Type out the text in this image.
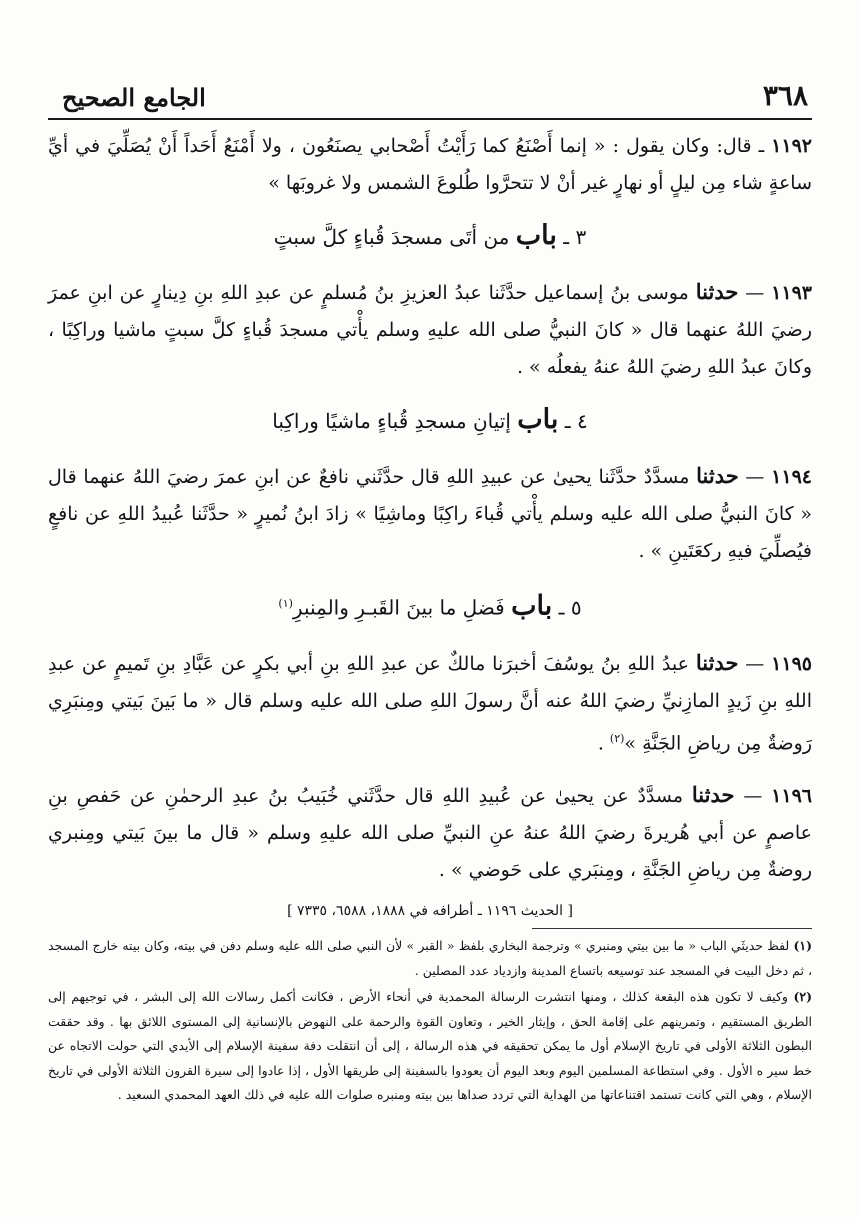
٣٦٨
الجامع الصحيح

١١٩٢ ـ قال: وكان يقول : « إنما أَصْنَعُ كما رَأَيْتُ أَصْحابي يصنَعُون ، ولا أَمْنَعُ أَحَداً أَنْ يُصَلِّيَ في أيِّ ساعةٍ شاء مِن ليلٍ أو نهارٍ غير أنْ لا تتحرَّوا طُلوعَ الشمس ولا غروبَها »

٣ ـ باب من أتَى مسجدَ قُباءٍ كلَّ سبتٍ

١١٩٣ — حدثنا موسى بنُ إسماعيل حدَّثَنا عبدُ العزيزِ بنُ مُسلمٍ عن عبدِ اللهِ بنِ دِينارٍ عن ابنِ عمرَ رضيَ اللهُ عنهما قال « كانَ النبيُّ صلى الله عليهِ وسلم يأْتي مسجدَ قُباءٍ كلَّ سبتٍ ماشيا وراكِبًا ، وكانَ عبدُ اللهِ رضيَ اللهُ عنهُ يفعلُه » .

٤ ـ باب إتيانِ مسجدِ قُباءٍ ماشيًا وراكِبا

١١٩٤ — حدثنا مسدَّدٌ حدَّثَنا يحيىٰ عن عبيدِ اللهِ قال حدَّثَني نافعٌ عن ابنِ عمرَ رضيَ اللهُ عنهما قال « كانَ النبيُّ صلى الله عليه وسلم يأْتي قُباءَ راكِبًا وماشِيًا » زادَ ابنُ نُميرٍ « حدَّثَنا عُبيدُ اللهِ عن نافعٍ فيُصلِّيَ فيهِ ركعَتَينِ » .

٥ ـ باب فَضلِ ما بينَ القَبـرِ والمِنبرِ$^{(١)}$

١١٩٥ — حدثنا عبدُ اللهِ بنُ يوسُفَ أخبرَنا مالكٌ عن عبدِ اللهِ بنِ أبي بكرٍ عن عَبَّادِ بنِ تَميمٍ عن عبدِ اللهِ بنِ زَيدٍ المازِنيِّ رضيَ اللهُ عنه أنَّ رسولَ اللهِ صلى الله عليه وسلم قال « ما بَينَ بَيتي ومِنبَرِي رَوضةٌ مِن رياضِ الجَنَّةِ »$^{(٢)}$ .

١١٩٦ — حدثنا مسدَّدٌ عن يحيىٰ عن عُبيدِ اللهِ قال حدَّثَني خُبَيبُ بنُ عبدِ الرحمٰنِ عن حَفصِ بنِ عاصمٍ عن أبي هُريرةَ رضيَ اللهُ عنهُ عنِ النبيِّ صلى الله عليهِ وسلم « قال ما بينَ بَيتي ومِنبري روضةٌ مِن رياضِ الجَنَّةِ ، ومِنبَري على حَوضي » .

[ الحديث ١١٩٦ ـ أطرافه في ١٨٨٨، ٦٥٨٨، ٧٣٣٥ ]

(١) لفظ حديثَي الباب « ما بين بيتي ومنبري » وترجمة البخاري بلفظ « القبر » لأن النبي صلى الله عليه وسلم دفن في بيته، وكان بيته خارج المسجد ، ثم دخل البيت في المسجد عند توسيعه باتساع المدينة وازدياد عدد المصلين .

(٢) وكيف لا تكون هذه البقعة كذلك ، ومنها انتشرت الرسالة المحمدية في أنحاء الأرض ، فكانت أكمل رسالات الله إلى البشر ، في توجيهم إلى الطريق المستقيم ، وتمرينهم على إقامة الحق ، وإيثار الخير ، وتعاون القوة والرحمة على النهوض بالإنسانية إلى المستوى اللائق بها . وقد حققت البطون الثلاثة الأولى في تاريخ الإسلام أول ما يمكن تحقيقه في هذه الرسالة ، إلى أن انتقلت دفة سفينة الإسلام إلى الأيدي التي حولت الاتجاه عن خط سير ه الأول . وفي استطاعة المسلمين اليوم وبعد اليوم أن يعودوا بالسفينة إلى طريقها الأول ، إذا عادوا إلى سيرة القرون الثلاثة الأولى في تاريخ الإسلام ، وهي التي كانت تستمد اقتناعاتها من الهداية التي تردد صداها بين بيته ومنبره صلوات الله عليه في ذلك العهد المحمدي السعيد .
